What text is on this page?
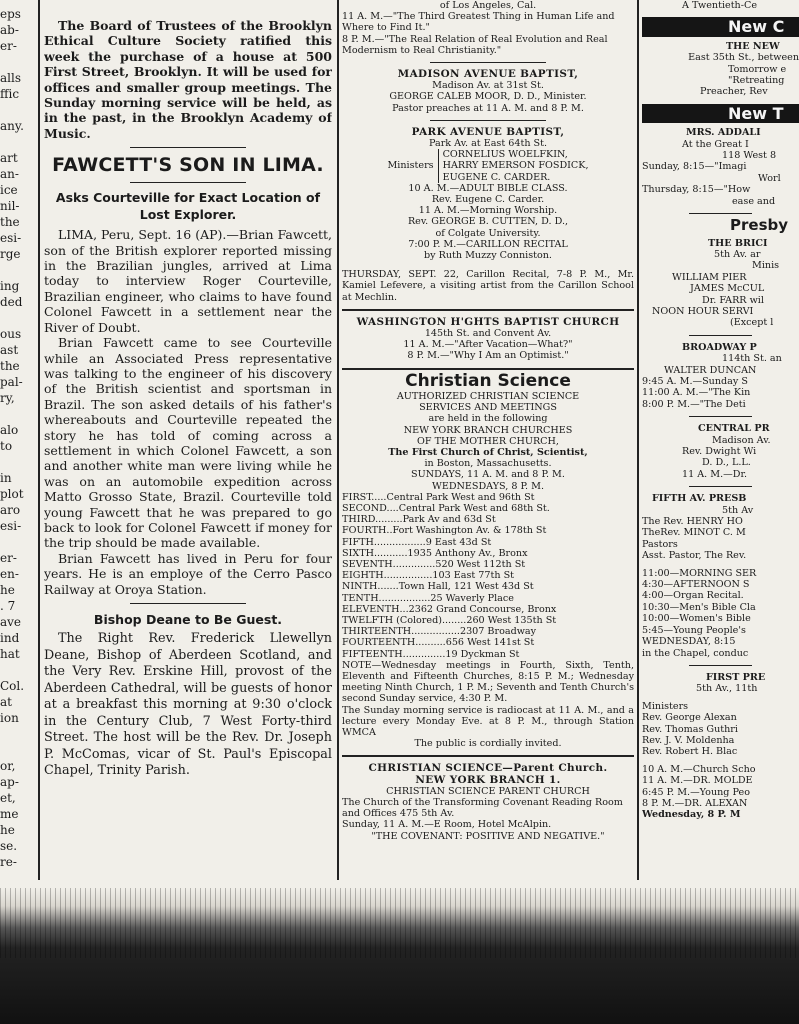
eps
ab-
er-
alls
ffic
any.
art
an-
ice
nil-
the
esi-
rge
ing
ded
ous
ast
the
pal-
ry,
alo
to
in
plot
aro
esi-
er-
en-
he
. 7
ave
ind
hat
Col.
at
ion
or,
ap-
et,
me
he
se.
re-

The Board of Trustees of the Brooklyn Ethical Culture Society ratified this week the purchase of a house at 500 First Street, Brooklyn. It will be used for offices and smaller group meetings. The Sunday morning service will be held, as in the past, in the Brooklyn Academy of Music.

FAWCETT'S SON IN LIMA.
Asks Courteville for Exact Location of Lost Explorer.

LIMA, Peru, Sept. 16 (AP).—Brian Fawcett, son of the British explorer reported missing in the Brazilian jungles, arrived at Lima today to interview Roger Courteville, Brazilian engineer, who claims to have found Colonel Fawcett in a settlement near the River of Doubt.

Brian Fawcett came to see Courteville while an Associated Press representative was talking to the engineer of his discovery of the British scientist and sportsman in Brazil. The son asked details of his father's whereabouts and Courteville repeated the story he has told of coming across a settlement in which Colonel Fawcett, a son and another white man were living while he was on an automobile expedition across Matto Grosso State, Brazil. Courteville told young Fawcett that he was prepared to go back to look for Colonel Fawcett if money for the trip should be made available.

Brian Fawcett has lived in Peru for four years. He is an employe of the Cerro Pasco Railway at Oroya Station.

Bishop Deane to Be Guest.

The Right Rev. Frederick Llewellyn Deane, Bishop of Aberdeen Scotland, and the Very Rev. Erskine Hill, provost of the Aberdeen Cathedral, will be guests of honor at a breakfast this morning at 9:30 o'clock in the Century Club, 7 West Forty-third Street. The host will be the Rev. Dr. Joseph P. McComas, vicar of St. Paul's Episcopal Chapel, Trinity Parish.

of Los Angeles, Cal.
11 A. M.—"The Third Greatest Thing in Human Life and Where to Find It."
8 P. M.—"The Real Relation of Real Evolution and Real Modernism to Real Christianity."
MADISON AVENUE BAPTIST,
Madison Av. at 31st St.
GEORGE CALEB MOOR, D. D., Minister.
Pastor preaches at 11 A. M. and 8 P. M.
PARK AVENUE BAPTIST,
Park Av. at East 64th St.
Ministers
CORNELIUS WOELFKIN,
HARRY EMERSON FOSDICK,
EUGENE C. CARDER.
10 A. M.—ADULT BIBLE CLASS.
Rev. Eugene C. Carder.
11 A. M.—Morning Worship.
Rev. GEORGE B. CUTTEN, D. D.,
of Colgate University.
7:00 P. M.—CARILLON RECITAL
by Ruth Muzzy Conniston.
THURSDAY, SEPT. 22, Carillon Recital, 7-8 P. M., Mr. Kamiel Lefevere, a visiting artist from the Carillon School at Mechlin.
WASHINGTON H'GHTS BAPTIST CHURCH
145th St. and Convent Av.
11 A. M.—"After Vacation—What?"
8 P. M.—"Why I Am an Optimist."
Christian Science
AUTHORIZED CHRISTIAN SCIENCE
SERVICES AND MEETINGS
are held in the following
NEW YORK BRANCH CHURCHES
OF THE MOTHER CHURCH,
The First Church of Christ, Scientist,
in Boston, Massachusetts.
SUNDAYS, 11 A. M. and 8 P. M.
WEDNESDAYS, 8 P. M.
FIRST.....Central Park West and 96th St
SECOND....Central Park West and 68th St.
THIRD.........Park Av and 63d St
FOURTH..Fort Washington Av. & 178th St
FIFTH.................9 East 43d St
SIXTH...........1935 Anthony Av., Bronx
SEVENTH..............520 West 112th St
EIGHTH................103 East 77th St
NINTH.......Town Hall, 121 West 43d St
TENTH.................25 Waverly Place
ELEVENTH...2362 Grand Concourse, Bronx
TWELFTH (Colored)........260 West 135th St
THIRTEENTH................2307 Broadway
FOURTEENTH..........656 West 141st St
FIFTEENTH..............19 Dyckman St
NOTE—Wednesday meetings in Fourth, Sixth, Tenth, Eleventh and Fifteenth Churches, 8:15 P. M.; Wednesday meeting Ninth Church, 1 P. M.; Seventh and Tenth Church's second Sunday service, 4:30 P. M.
The Sunday morning service is radiocast at 11 A. M., and a lecture every Monday Eve. at 8 P. M., through Station WMCA
The public is cordially invited.
CHRISTIAN SCIENCE—Parent Church.
NEW YORK BRANCH 1.
CHRISTIAN SCIENCE PARENT CHURCH
The Church of the Transforming Covenant Reading Room and Offices 475 5th Av.
Sunday, 11 A. M.—E Room, Hotel McAlpin.
"THE COVENANT: POSITIVE AND NEGATIVE."
A Twentieth-Ce
New C
THE NEW
East 35th St., between
Tomorrow e
"Retreating
Preacher, Rev
New T
MRS. ADDALI
At the Great I
118 West 8
Sunday, 8:15—"Imagi
Worl
Thursday, 8:15—"How
ease and
Presby
THE BRICI
5th Av. ar
Minis
WILLIAM PIER
JAMES McCUL
Dr. FARR wil
NOON HOUR SERVI
(Except l
BROADWAY P
114th St. an
WALTER DUNCAN
9:45 A. M.—Sunday S
11:00 A. M.—"The Kin
8:00 P. M.—"The Deti
CENTRAL PR
Madison Av.
Rev. Dwight Wi
D. D., L.L.
11 A. M.—Dr.
FIFTH AV. PRESB
5th Av
The Rev. HENRY HO
TheRev. MINOT C. M
Pastors
Asst. Pastor, The Rev.
11:00—MORNING SER
4:30—AFTERNOON S
4:00—Organ Recital.
10:30—Men's Bible Cla
10:00—Women's Bible
5:45—Young People's
WEDNESDAY, 8:15
in the Chapel, conduc
FIRST PRE
5th Av., 11th
Ministers
Rev. George Alexan
Rev. Thomas Guthri
Rev. J. V. Moldenha
Rev. Robert H. Blac
10 A. M.—Church Scho
11 A. M.—DR. MOLDE
6:45 P. M.—Young Peo
8 P. M.—DR. ALEXAN
Wednesday, 8 P. M
